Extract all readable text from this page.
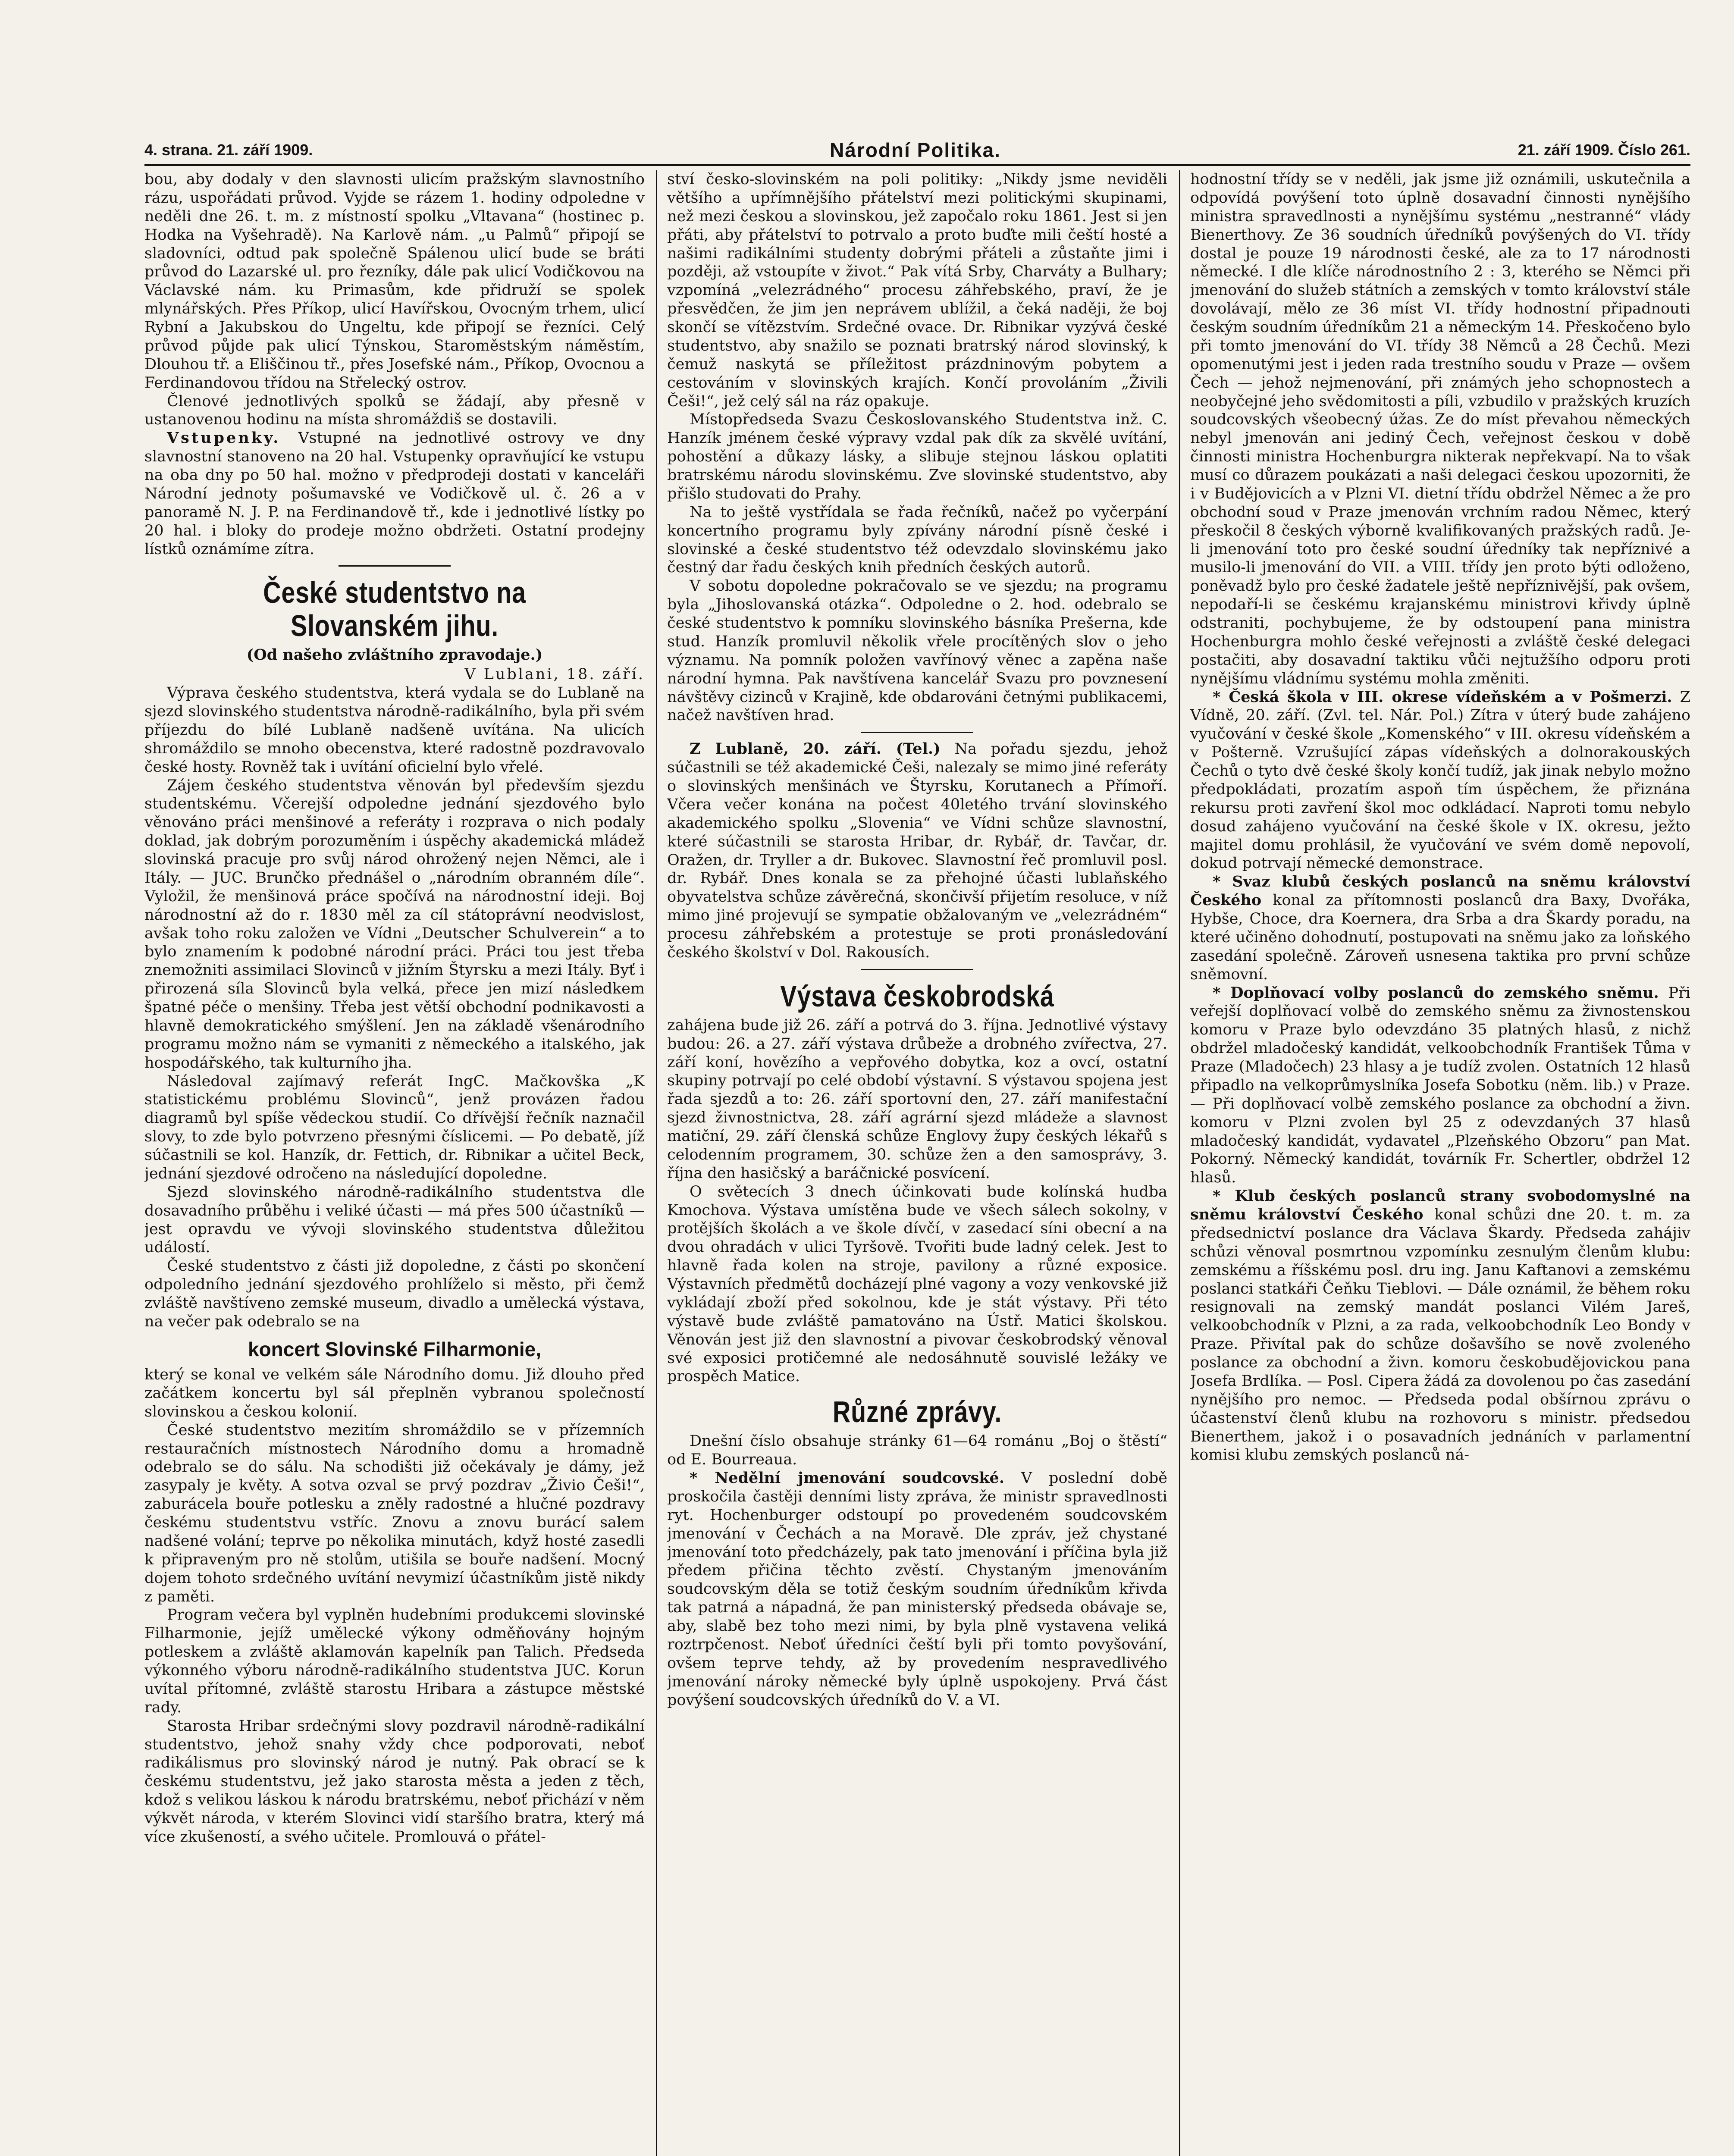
4. strana. 21. září 1909.	Národní Politika.	21. září 1909. Číslo 261.

bou, aby dodaly v den slavnosti ulicím pražským slavnostního rázu, uspořádati průvod. Vyjde se rázem 1. hodiny odpoledne v neděli dne 26. t. m. z místností spolku „Vltavana“ (hostinec p. Hodka na Vyšehradě). Na Karlově nám. „u Palmů“ připojí se sladovníci, odtud pak společně Spálenou ulicí bude se bráti průvod do Lazarské ul. pro řezníky, dále pak ulicí Vodičkovou na Václavské nám. ku Primasům, kde přidruží se spolek mlynářských. Přes Příkop, ulicí Havířskou, Ovocným trhem, ulicí Rybní a Jakubskou do Ungeltu, kde připojí se řezníci. Celý průvod půjde pak ulicí Týnskou, Staroměstským náměstím, Dlouhou tř. a Eliščinou tř., přes Josefské nám., Příkop, Ovocnou a Ferdinandovou třídou na Střelecký ostrov.

Členové jednotlivých spolků se žádají, aby přesně v ustanovenou hodinu na místa shromáždiš se dostavili.

Vstupenky. Vstupné na jednotlivé ostrovy ve dny slavnostní stanoveno na 20 hal. Vstupenky opravňující ke vstupu na oba dny po 50 hal. možno v předprodeji dostati v kanceláři Národní jednoty pošumavské ve Vodičkově ul. č. 26 a v panoramě N. J. P. na Ferdinandově tř., kde i jednotlivé lístky po 20 hal. i bloky do prodeje možno obdržeti. Ostatní prodejny lístků oznámíme zítra.

České studentstvo na Slovanském jihu.

(Od našeho zvláštního zpravodaje.)

V Lublani, 18. září.

Výprava českého studentstva, která vydala se do Lublaně na sjezd slovinského studentstva národně-radikálního, byla při svém příjezdu do bílé Lublaně nadšeně uvítána. Na ulicích shromáždilo se mnoho obecenstva, které radostně pozdravovalo české hosty. Rovněž tak i uvítání oficielní bylo vřelé.

Zájem českého studentstva věnován byl především sjezdu studentskému. Včerejší odpoledne jednání sjezdového bylo věnováno práci menšinové a referáty i rozprava o nich podaly doklad, jak dobrým porozuměním i úspěchy akademická mládež slovinská pracuje pro svůj národ ohrožený nejen Němci, ale i Itály. — JUC. Brunčko přednášel o „národním obranném díle“. Vyložil, že menšinová práce spočívá na národnostní ideji. Boj národnostní až do r. 1830 měl za cíl státoprávní neodvislost, avšak toho roku založen ve Vídni „Deutscher Schulverein“ a to bylo znamením k podobné národní práci. Práci tou jest třeba znemožniti assimilaci Slovinců v jižním Štyrsku a mezi Itály. Byť i přirozená síla Slovinců byla velká, přece jen mizí následkem špatné péče o menšiny. Třeba jest větší obchodní podnikavosti a hlavně demokratického smýšlení. Jen na základě všenárodního programu možno nám se vymaniti z německého a italského, jak hospodářského, tak kulturního jha.

Následoval zajímavý referát IngC. Mačkovška „K statistickému problému Slovinců“, jenž provázen řadou diagramů byl spíše vědeckou studií. Co dřívější řečník naznačil slovy, to zde bylo potvrzeno přesnými číslicemi. — Po debatě, jíž súčastnili se kol. Hanzík, dr. Fettich, dr. Ribnikar a učitel Beck, jednání sjezdové odročeno na následující dopoledne.

Sjezd slovinského národně-radikálního studentstva dle dosavadního průběhu i veliké účasti — má přes 500 účastníků — jest opravdu ve vývoji slovinského studentstva důležitou událostí.

České studentstvo z části již dopoledne, z části po skončení odpoledního jednání sjezdového prohlíželo si město, při čemž zvláště navštíveno zemské museum, divadlo a umělecká výstava, na večer pak odebralo se na

koncert Slovinské Filharmonie,

který se konal ve velkém sále Národního domu. Již dlouho před začátkem koncertu byl sál přeplněn vybranou společností slovinskou a českou kolonií.

České studentstvo mezitím shromáždilo se v přízemních restauračních místnostech Národního domu a hromadně odebralo se do sálu. Na schodišti již očekávaly je dámy, jež zasypaly je květy. A sotva ozval se prvý pozdrav „Živio Češi!“, zaburácela bouře potlesku a zněly radostné a hlučné pozdravy českému studentstvu vstříc. Znovu a znovu burácí salem nadšené volání; teprve po několika minutách, když hosté zasedli k připraveným pro ně stolům, utišila se bouře nadšení. Mocný dojem tohoto srdečného uvítání nevymizí účastníkům jistě nikdy z paměti.

Program večera byl vyplněn hudebními produkcemi slovinské Filharmonie, jejíž umělecké výkony odměňovány hojným potleskem a zvláště aklamován kapelník pan Talich. Předseda výkonného výboru národně-radikálního studentstva JUC. Korun uvítal přítomné, zvláště starostu Hribara a zástupce městské rady.

Starosta Hribar srdečnými slovy pozdravil národně-radikální studentstvo, jehož snahy vždy chce podporovati, neboť radikálismus pro slovinský národ je nutný. Pak obrací se k českému studentstvu, jež jako starosta města a jeden z těch, kdož s velikou láskou k národu bratrskému, neboť přichází v něm výkvět národa, v kterém Slovinci vidí staršího bratra, který má více zkušeností, a svého učitele. Promlouvá o přátel-

ství česko-slovinském na poli politiky: „Nikdy jsme neviděli většího a upřímnějšího přátelství mezi politickými skupinami, než mezi českou a slovinskou, jež započalo roku 1861. Jest si jen přáti, aby přátelství to potrvalo a proto buďte mili čeští hosté a našimi radikálními studenty dobrými přáteli a zůstaňte jimi i později, až vstoupíte v život.“ Pak vítá Srby, Charváty a Bulhary; vzpomíná „velezrádného“ procesu záhřebského, praví, že je přesvědčen, že jim jen neprávem ublížil, a čeká naději, že boj skončí se vítězstvím. Srdečné ovace. Dr. Ribnikar vyzývá české studentstvo, aby snažilo se poznati bratrský národ slovinský, k čemuž naskytá se příležitost prázdninovým pobytem a cestováním v slovinských krajích. Končí provoláním „Živili Češi!“, jež celý sál na ráz opakuje.

Místopředseda Svazu Českoslovanského Studentstva inž. C. Hanzík jménem české výpravy vzdal pak dík za skvělé uvítání, pohostění a důkazy lásky, a slibuje stejnou láskou oplatiti bratrskému národu slovinskému. Zve slovinské studentstvo, aby přišlo studovati do Prahy.

Na to ještě vystřídala se řada řečníků, načež po vyčerpání koncertního programu byly zpívány národní písně české i slovinské a české studentstvo též odevzdalo slovinskému jako čestný dar řadu českých knih předních českých autorů.

V sobotu dopoledne pokračovalo se ve sjezdu; na programu byla „Jihoslovanská otázka“. Odpoledne o 2. hod. odebralo se české studentstvo k pomníku slovinského básníka Prešerna, kde stud. Hanzík promluvil několik vřele procítěných slov o jeho významu. Na pomník položen vavřínový věnec a zapěna naše národní hymna. Pak navštívena kancelář Svazu pro povznesení návštěvy cizinců v Krajině, kde obdarováni četnými publikacemi, načež navštíven hrad.

Z Lublaně, 20. září. (Tel.) Na pořadu sjezdu, jehož súčastnili se též akademické Češi, nalezaly se mimo jiné referáty o slovinských menšinách ve Štyrsku, Korutanech a Přímoří. Včera večer konána na počest 40letého trvání slovinského akademického spolku „Slovenia“ ve Vídni schůze slavnostní, které súčastnili se starosta Hribar, dr. Rybář, dr. Tavčar, dr. Oražen, dr. Tryller a dr. Bukovec. Slavnostní řeč promluvil posl. dr. Rybář. Dnes konala se za přehojné účasti lublaňského obyvatelstva schůze závěrečná, skončivší přijetím resoluce, v níž mimo jiné projevují se sympatie obžalovaným ve „velezrádném“ procesu záhřebském a protestuje se proti pronásledování českého školství v Dol. Rakousích.

Výstava českobrodská

zahájena bude již 26. září a potrvá do 3. října. Jednotlivé výstavy budou: 26. a 27. září výstava drůbeže a drobného zvířectva, 27. září koní, hovězího a vepřového dobytka, koz a ovcí, ostatní skupiny potrvají po celé období výstavní. S výstavou spojena jest řada sjezdů a to: 26. září sportovní den, 27. září manifestační sjezd živnostnictva, 28. září agrární sjezd mládeže a slavnost matiční, 29. září členská schůze Englovy župy českých lékařů s celodenním programem, 30. schůze žen a den samosprávy, 3. října den hasičský a baráčnické posvícení.

O světecích 3 dnech účinkovati bude kolínská hudba Kmochova. Výstava umístěna bude ve všech sálech sokolny, v protějších školách a ve škole dívčí, v zasedací síni obecní a na dvou ohradách v ulici Tyršově. Tvořiti bude ladný celek. Jest to hlavně řada kolen na stroje, pavilony a různé exposice. Výstavních předmětů docházejí plné vagony a vozy venkovské již vykládají zboží před sokolnou, kde je stát výstavy. Při této výstavě bude zvláště pamatováno na Ústř. Matici školskou. Věnován jest již den slavnostní a pivovar českobrodský věnoval své exposici protičemné ale nedosáhnutě souvislé ležáky ve prospěch Matice.

Různé zprávy.

Dnešní číslo obsahuje stránky 61—64 románu „Boj o štěstí“ od E. Bourreaua.

* Nedělní jmenování soudcovské. V poslední době proskočila častěji denními listy zpráva, že ministr spravedlnosti ryt. Hochenburger odstoupí po provedeném soudcovském jmenování v Čechách a na Moravě. Dle zpráv, jež chystané jmenování toto předcházely, pak tato jmenování i příčina byla již předem přičina těchto zvěstí. Chystaným jmenováním soudcovským děla se totiž českým soudním úředníkům křivda tak patrná a nápadná, že pan ministerský předseda obávaje se, aby, slabě bez toho mezi nimi, by byla plně vystavena veliká roztrpčenost. Neboť úředníci čeští byli při tomto povyšování, ovšem teprve tehdy, až by provedením nespravedlivého jmenování nároky německé byly úplně uspokojeny. Prvá část povýšení soudcovských úředníků do V. a VI.

hodnostní třídy se v neděli, jak jsme již oznámili, uskutečnila a odpovídá povýšení toto úplně dosavadní činnosti nynějšího ministra spravedlnosti a nynějšímu systému „nestranné“ vlády Bienerthovy. Ze 36 soudních úředníků povýšených do VI. třídy dostal je pouze 19 národnosti české, ale za to 17 národnosti německé. I dle klíče národnostního 2 : 3, kterého se Němci při jmenování do služeb státních a zemských v tomto království stále dovolávají, mělo ze 36 míst VI. třídy hodnostní připadnouti českým soudním úředníkům 21 a německým 14. Přeskočeno bylo při tomto jmenování do VI. třídy 38 Němců a 28 Čechů. Mezi opomenutými jest i jeden rada trestního soudu v Praze — ovšem Čech — jehož nejmenování, při známých jeho schopnostech a neobyčejné jeho svědomitosti a píli, vzbudilo v pražských kruzích soudcovských všeobecný úžas. Ze do míst převahou německých nebyl jmenován ani jediný Čech, veřejnost českou v době činnosti ministra Hochenburgra nikterak nepřekvapí. Na to však musí co důrazem poukázati a naši delegaci českou upozorniti, že i v Budějovicích a v Plzni VI. dietní třídu obdržel Němec a že pro obchodní soud v Praze jmenován vrchním radou Němec, který přeskočil 8 českých výborně kvalifikovaných pražských radů. Je-li jmenování toto pro české soudní úředníky tak nepříznivé a musilo-li jmenování do VII. a VIII. třídy jen proto býti odloženo, poněvadž bylo pro české žadatele ještě nepříznivější, pak ovšem, nepodaří-li se českému krajanskému ministrovi křivdy úplně odstraniti, pochybujeme, že by odstoupení pana ministra Hochenburgra mohlo české veřejnosti a zvláště české delegaci postačiti, aby dosavadní taktiku vůči nejtužšího odporu proti nynějšímu vládnímu systému mohla změniti.

* Česká škola v III. okrese vídeňském a v Pošmerzi. Z Vídně, 20. září. (Zvl. tel. Nár. Pol.) Zítra v úterý bude zahájeno vyučování v české škole „Komenského“ v III. okresu vídeňském a v Pošterně. Vzrušující zápas vídeňských a dolnorakouských Čechů o tyto dvě české školy končí tudíž, jak jinak nebylo možno předpokládati, prozatím aspoň tím úspěchem, že přiznána rekursu proti zavření škol moc odkládací. Naproti tomu nebylo dosud zahájeno vyučování na české škole v IX. okresu, ježto majitel domu prohlásil, že vyučování ve svém domě nepovolí, dokud potrvají německé demonstrace.

* Svaz klubů českých poslanců na sněmu království Českého konal za přítomnosti poslanců dra Baxy, Dvořáka, Hybše, Choce, dra Koernera, dra Srba a dra Škardy poradu, na které učiněno dohodnutí, postupovati na sněmu jako za loňského zasedání společně. Zároveň usnesena taktika pro první schůze sněmovní.

* Doplňovací volby poslanců do zemského sněmu. Při veřejší doplňovací volbě do zemského sněmu za živnostenskou komoru v Praze bylo odevzdáno 35 platných hlasů, z nichž obdržel mladočeský kandidát, velkoobchodník František Tůma v Praze (Mladočech) 23 hlasy a je tudíž zvolen. Ostatních 12 hlasů připadlo na velkoprůmyslníka Josefa Sobotku (něm. lib.) v Praze. — Při doplňovací volbě zemského poslance za obchodní a živn. komoru v Plzni zvolen byl 25 z odevzdaných 37 hlasů mladočeský kandidát, vydavatel „Plzeňského Obzoru“ pan Mat. Pokorný. Německý kandidát, továrník Fr. Schertler, obdržel 12 hlasů.

* Klub českých poslanců strany svobodomyslné na sněmu království Českého konal schůzi dne 20. t. m. za předsednictví poslance dra Václava Škardy. Předseda zahájiv schůzi věnoval posmrtnou vzpomínku zesnulým členům klubu: zemskému a říšskému posl. dru ing. Janu Kaftanovi a zemskému poslanci statkáři Čeňku Tieblovi. — Dále oznámil, že během roku resignovali na zemský mandát poslanci Vilém Jareš, velkoobchodník v Plzni, a za rada, velkoobchodník Leo Bondy v Praze. Přivítal pak do schůze došavšího se nově zvoleného poslance za obchodní a živn. komoru českobudějovickou pana Josefa Brdlíka. — Posl. Cipera žádá za dovolenou po čas zasedání nynějšího pro nemoc. — Předseda podal obšírnou zprávu o účastenství členů klubu na rozhovoru s ministr. předsedou Bienerthem, jakož i o posavadních jednáních v parlamentní komisi klubu zemských poslanců ná-
